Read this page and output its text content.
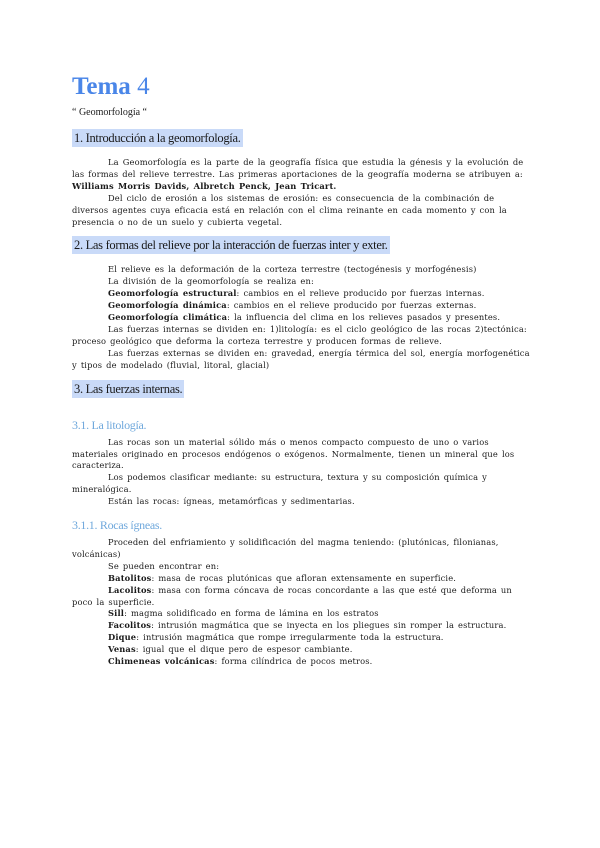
Tema 4

“ Geomorfología “

1. Introducción a la geomorfología.

La Geomorfología es la parte de la geografía física que estudia la génesis y la evolución de las formas del relieve terrestre. Las primeras aportaciones de la geografía moderna se atribuyen a: Williams Morris Davids, Albretch Penck, Jean Tricart.

Del ciclo de erosión a los sistemas de erosión: es consecuencia de la combinación de diversos agentes cuya eficacia está en relación con el clima reinante en cada momento y con la presencia o no de un suelo y cubierta vegetal.

2. Las formas del relieve por la interacción de fuerzas inter y exter.

El relieve es la deformación de la corteza terrestre (tectogénesis y morfogénesis)

La división de la geomorfología se realiza en:

Geomorfología estructural: cambios en el relieve producido por fuerzas internas.

Geomorfología dinámica: cambios en el relieve producido por fuerzas externas.

Geomorfología climática: la influencia del clima en los relieves pasados y presentes.

Las fuerzas internas se dividen en: 1)litología: es el ciclo geológico de las rocas 2)tectónica: proceso geológico que deforma la corteza terrestre y producen formas de relieve.

Las fuerzas externas se dividen en: gravedad, energía térmica del sol, energía morfogenética y tipos de modelado (fluvial, litoral, glacial)

3. Las fuerzas internas.
3.1. La litología.

Las rocas son un material sólido más o menos compacto compuesto de uno o varios materiales originado en procesos endógenos o exógenos. Normalmente, tienen un mineral que los caracteriza.

Los podemos clasificar mediante: su estructura, textura y su composición química y mineralógica.

Están las rocas: ígneas, metamórficas y sedimentarias.

3.1.1. Rocas ígneas.

Proceden del enfriamiento y solidificación del magma teniendo: (plutónicas, filonianas, volcánicas)

Se pueden encontrar en:

Batolitos: masa de rocas plutónicas que afloran extensamente en superficie.

Lacolitos: masa con forma cóncava de rocas concordante a las que esté que deforma un poco la superficie.

Sill: magma solidificado en forma de lámina en los estratos

Facolitos: intrusión magmática que se inyecta en los pliegues sin romper la estructura.

Dique: intrusión magmática que rompe irregularmente toda la estructura.

Venas: igual que el dique pero de espesor cambiante.

Chimeneas volcánicas: forma cilíndrica de pocos metros.
